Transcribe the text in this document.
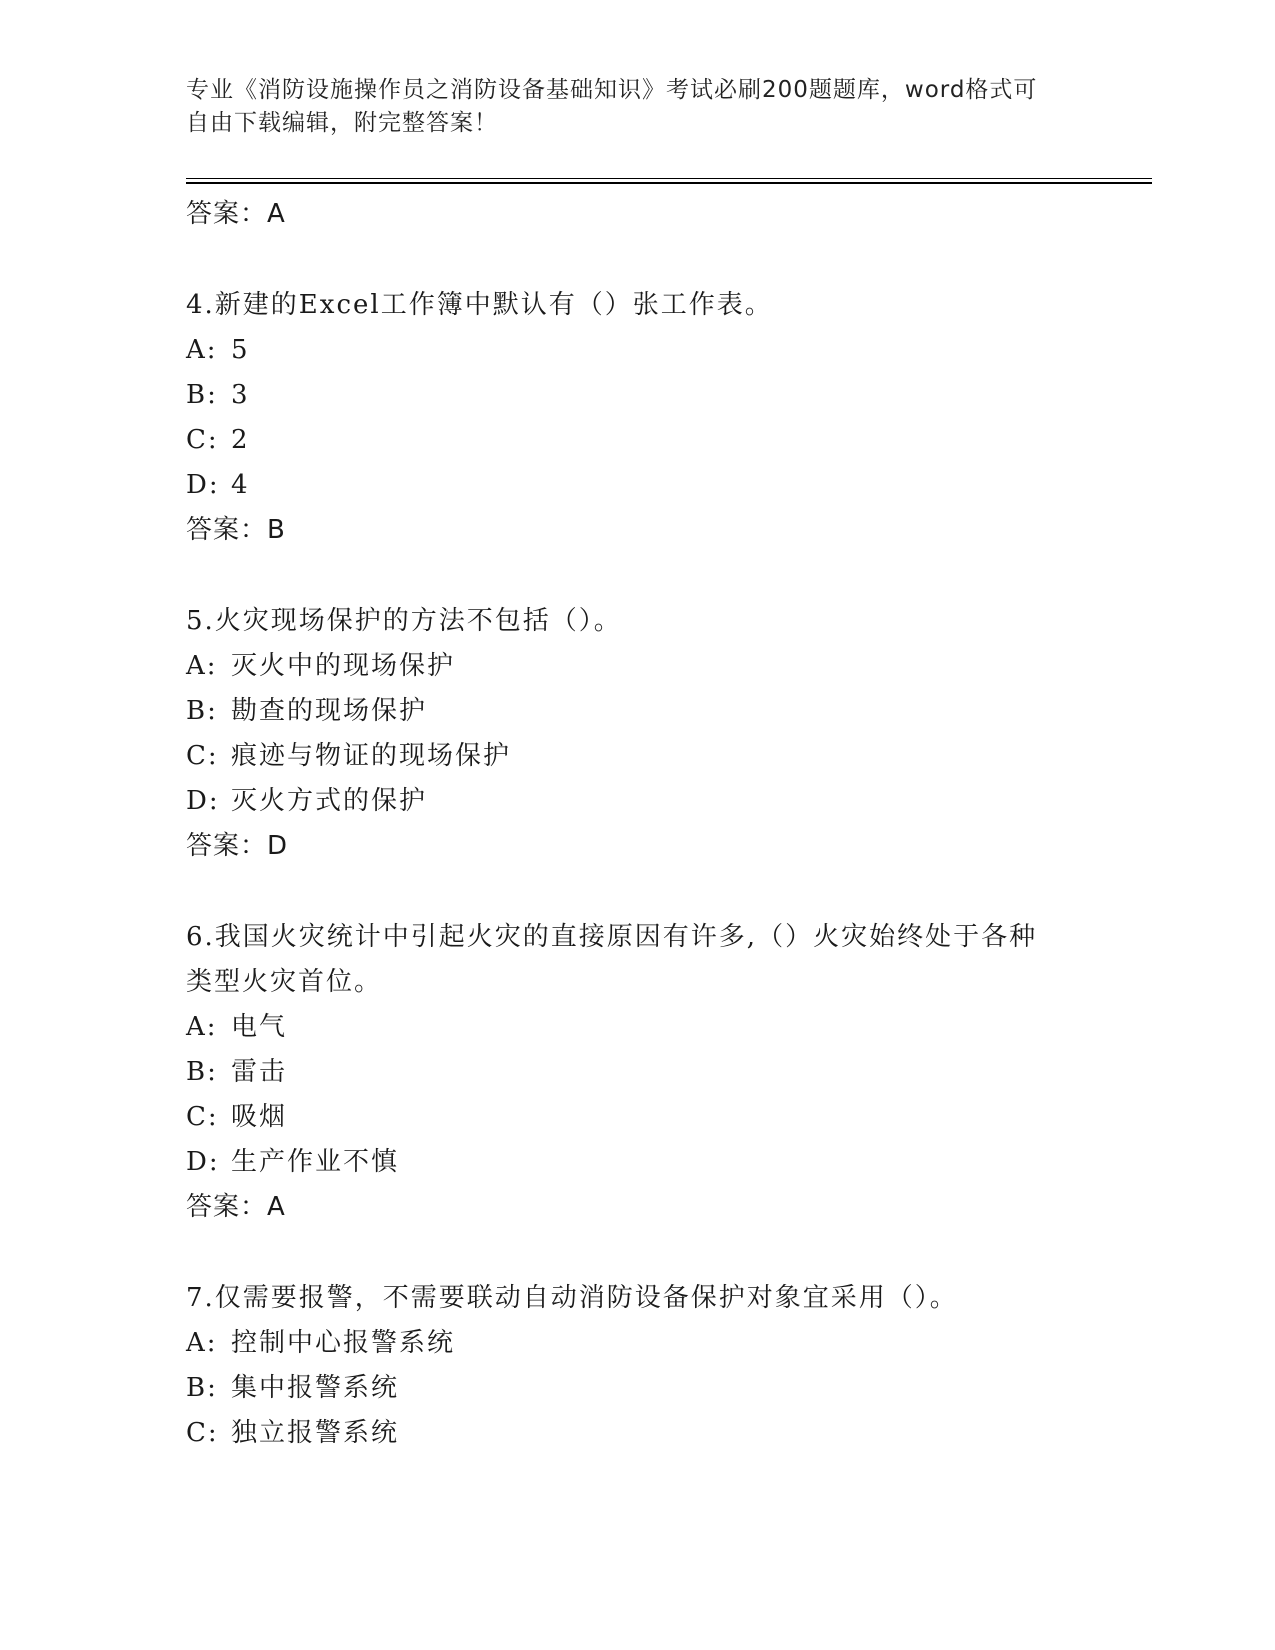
专业《消防设施操作员之消防设备基础知识》考试必刷200题题库，word格式可
自由下载编辑，附完整答案！
答案：A
4.新建的Excel工作簿中默认有（）张工作表。
A: 5
B: 3
C: 2
D: 4
答案：B
5.火灾现场保护的方法不包括（）。
A: 灭火中的现场保护
B: 勘查的现场保护
C: 痕迹与物证的现场保护
D: 灭火方式的保护
答案：D
6.我国火灾统计中引起火灾的直接原因有许多,（）火灾始终处于各种
类型火灾首位。
A: 电气
B: 雷击
C: 吸烟
D: 生产作业不慎
答案：A
7.仅需要报警，不需要联动自动消防设备保护对象宜采用（）。
A: 控制中心报警系统
B: 集中报警系统
C: 独立报警系统
